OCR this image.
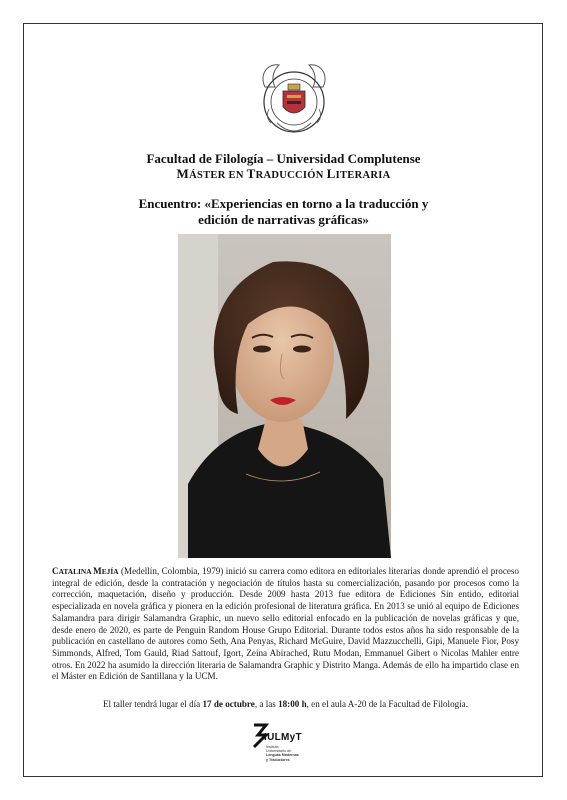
Facultad de Filología – Universidad Complutense
MÁSTER EN TRADUCCIÓN LITERARIA
Encuentro: «Experiencias en torno a la traducción y
edición de narrativas gráficas»
CATALINA MEJÍA (Medellín, Colombia, 1979) inició su carrera como editora en editoriales literarias donde aprendió el proceso integral de edición, desde la contratación y negociación de títulos hasta su comercialización, pasando por procesos como la corrección, maquetación, diseño y producción. Desde 2009 hasta 2013 fue editora de Ediciones Sin entido, editorial especializada en novela gráfica y pionera en la edición profesional de literatura gráfica. En 2013 se unió al equipo de Ediciones Salamandra para dirigir Salamandra Graphic, un nuevo sello editorial enfocado en la publicación de novelas gráficas y que, desde enero de 2020, es parte de Penguin Random House Grupo Editorial. Durante todos estos años ha sido responsable de la publicación en castellano de autores como Seth, Ana Penyas, Richard McGuire, David Mazzucchelli, Gipi, Manuele Fior, Posy Simmonds, Alfred, Tom Gauld, Riad Sattouf, Igort, Zeina Abirached, Rutu Modan, Emmanuel Gibert o Nicolas Mahler entre otros. En 2022 ha asumido la dirección literaria de Salamandra Graphic y Distrito Manga. Además de ello ha impartido clase en el Máster en Edición de Santillana y la UCM.
El taller tendrá lugar el día 17 de octubre, a las 18:00 h, en el aula A-20 de la Facultad de Filología.
IULMyT
Instituto
Universitario de
Lenguas Modernas
y Traductores
